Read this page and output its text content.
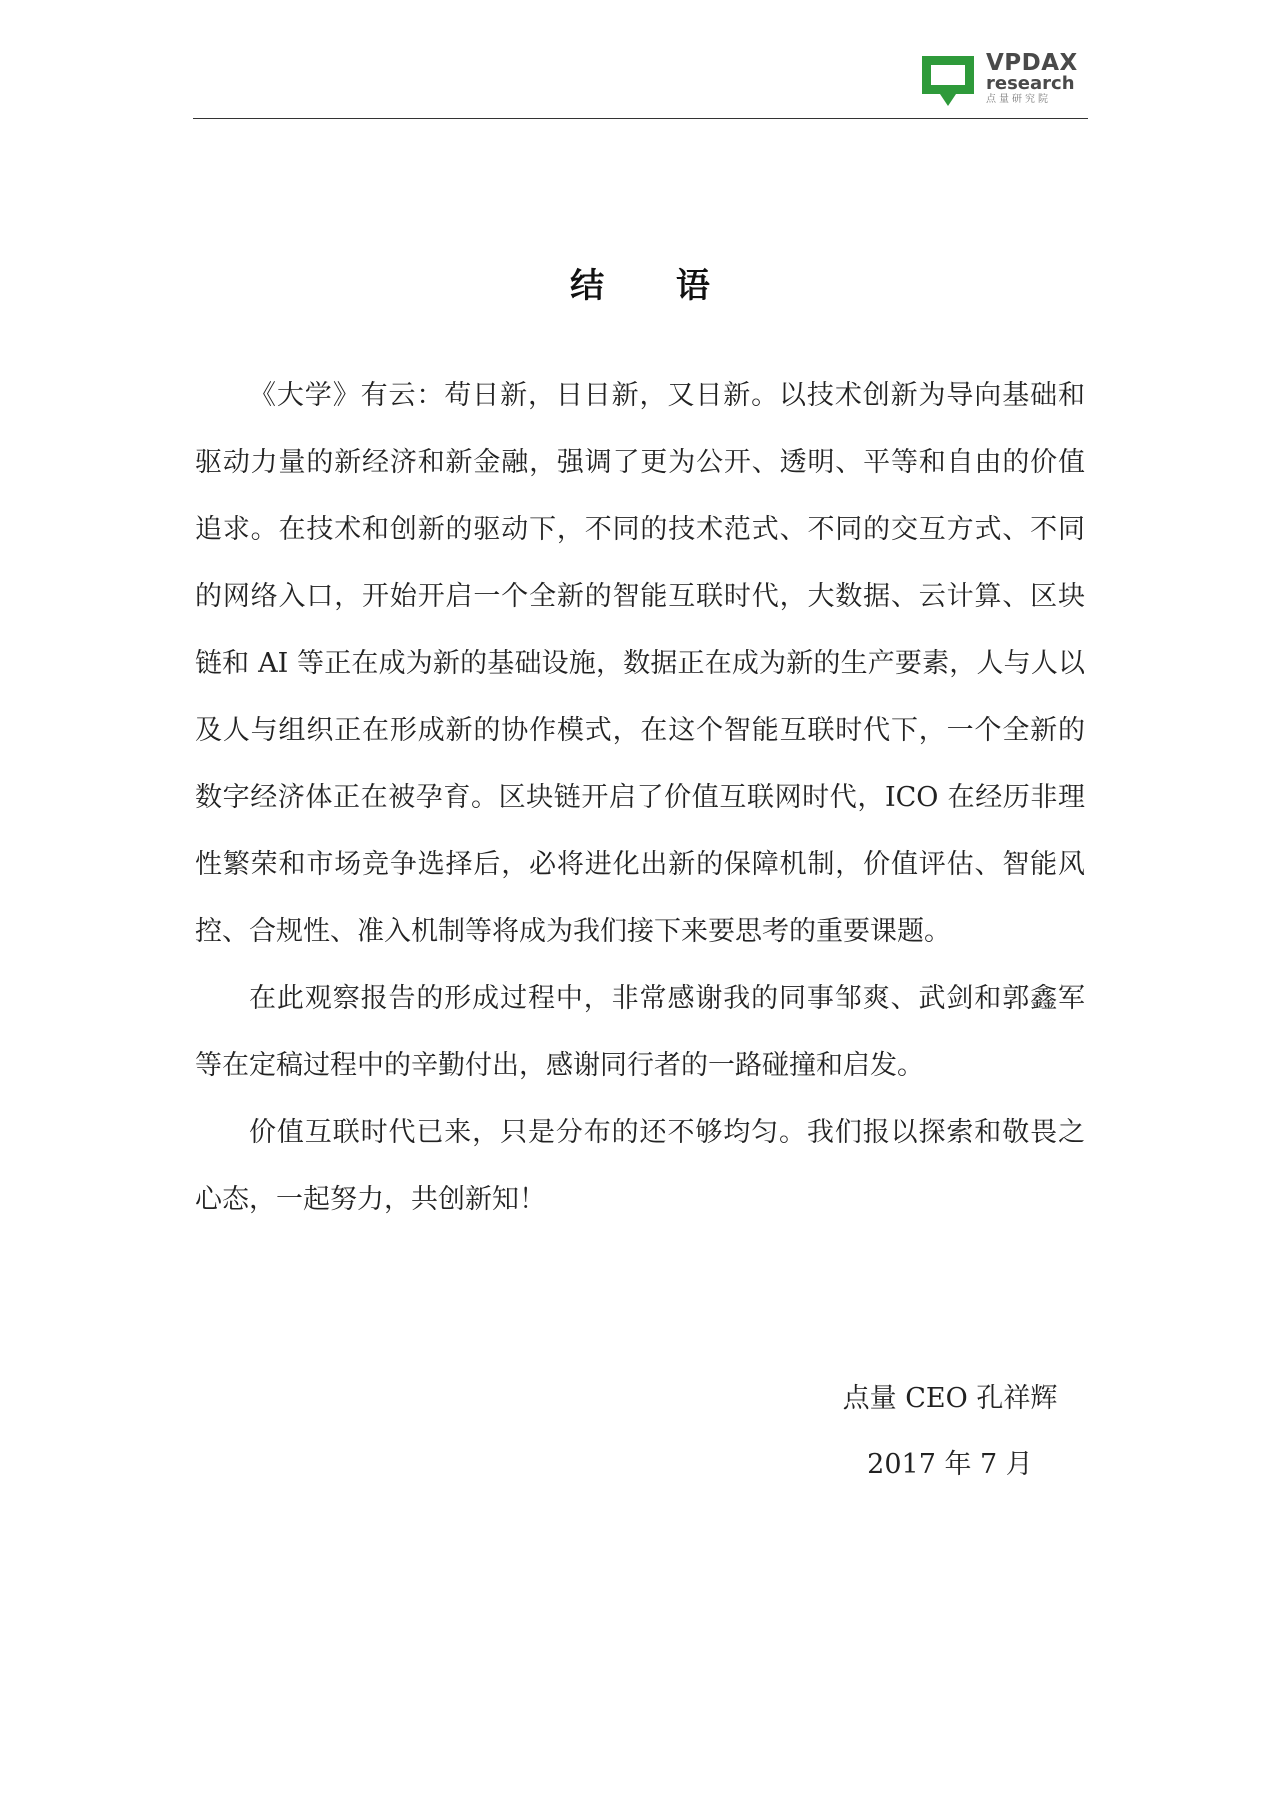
VPDAX
research
点量研究院
结 语

《大学》有云：苟日新，日日新，又日新。以技术创新为导向基础和驱动力量的新经济和新金融，强调了更为公开、透明、平等和自由的价值追求。在技术和创新的驱动下，不同的技术范式、不同的交互方式、不同的网络入口，开始开启一个全新的智能互联时代，大数据、云计算、区块链和 AI 等正在成为新的基础设施，数据正在成为新的生产要素，人与人以及人与组织正在形成新的协作模式，在这个智能互联时代下，一个全新的数字经济体正在被孕育。区块链开启了价值互联网时代，ICO 在经历非理性繁荣和市场竞争选择后，必将进化出新的保障机制，价值评估、智能风控、合规性、准入机制等将成为我们接下来要思考的重要课题。

在此观察报告的形成过程中，非常感谢我的同事邹爽、武剑和郭鑫军等在定稿过程中的辛勤付出，感谢同行者的一路碰撞和启发。

价值互联时代已来，只是分布的还不够均匀。我们报以探索和敬畏之心态，一起努力，共创新知！

点量 CEO 孔祥辉
2017 年 7 月
